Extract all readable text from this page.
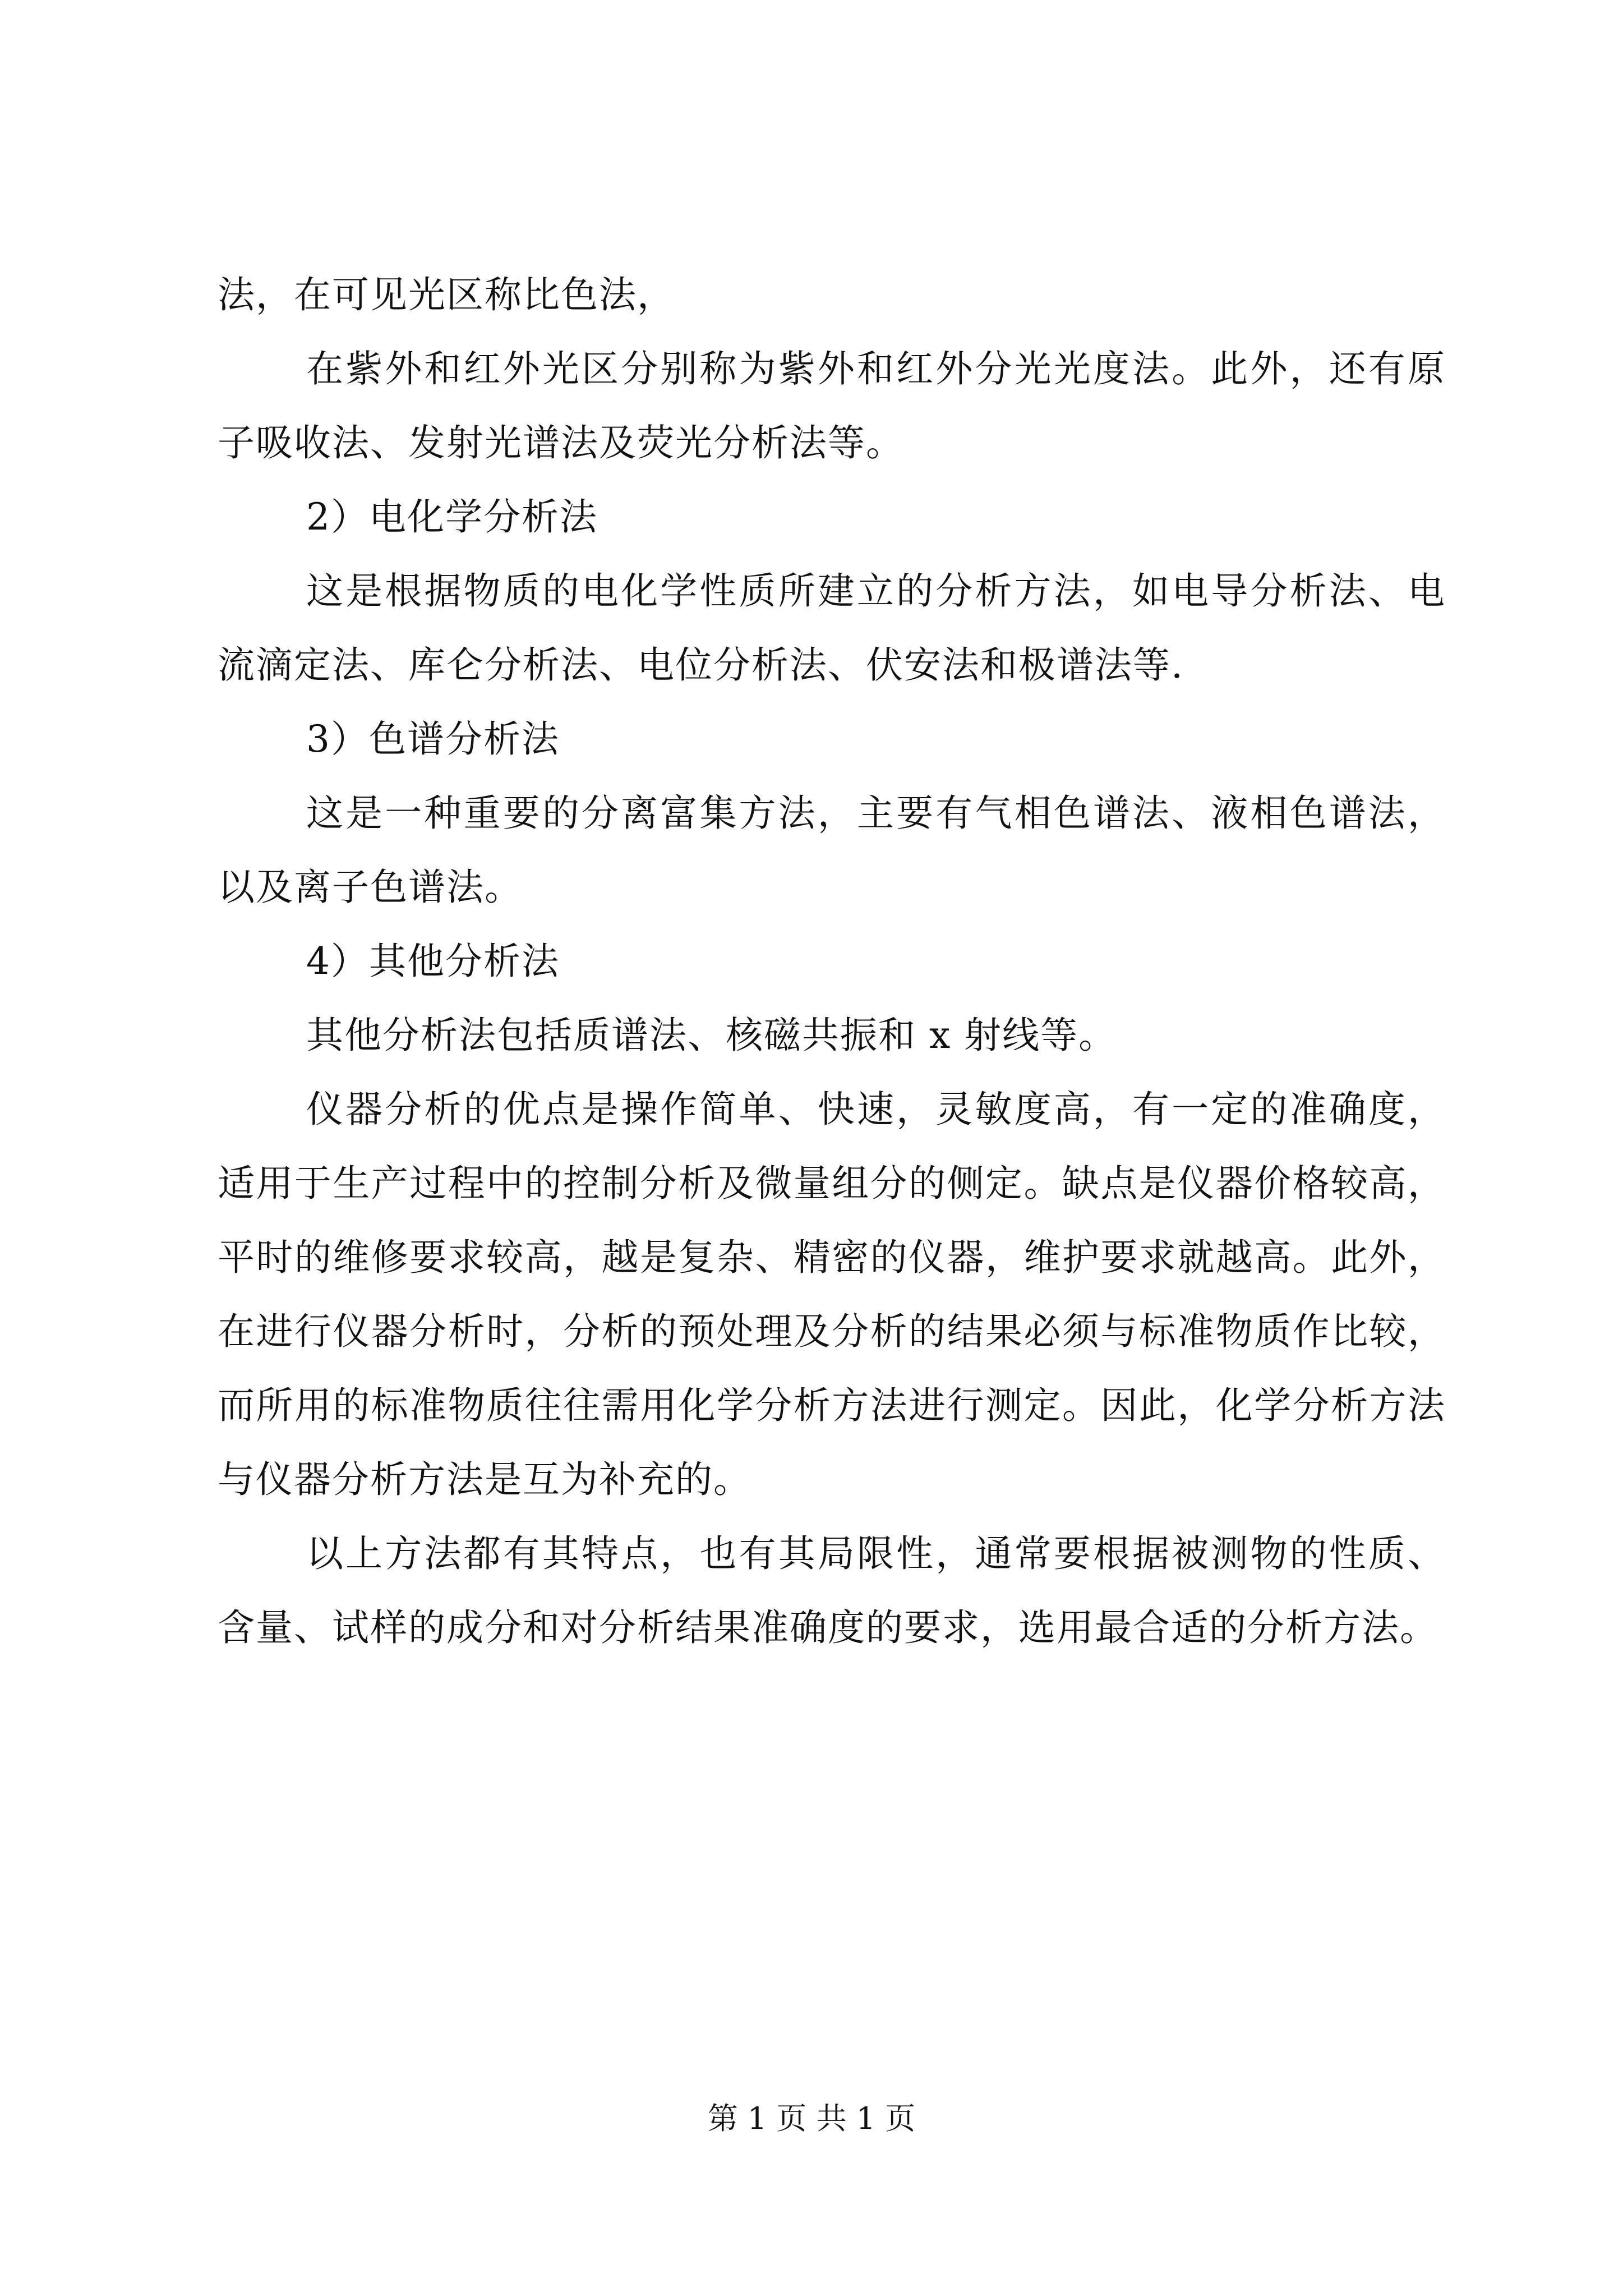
法，在可见光区称比色法，

在紫外和红外光区分别称为紫外和红外分光光度法。此外，还有原子吸收法、发射光谱法及荧光分析法等。

2）电化学分析法

这是根据物质的电化学性质所建立的分析方法，如电导分析法、电流滴定法、库仑分析法、电位分析法、伏安法和极谱法等.

3）色谱分析法

这是一种重要的分离富集方法，主要有气相色谱法、液相色谱法，以及离子色谱法。

4）其他分析法

其他分析法包括质谱法、核磁共振和 x 射线等。

仪器分析的优点是操作简单、快速，灵敏度高，有一定的准确度，适用于生产过程中的控制分析及微量组分的侧定。缺点是仪器价格较高，平时的维修要求较高，越是复杂、精密的仪器，维护要求就越高。此外，在进行仪器分析时，分析的预处理及分析的结果必须与标准物质作比较，而所用的标准物质往往需用化学分析方法进行测定。因此，化学分析方法与仪器分析方法是互为补充的。

以上方法都有其特点，也有其局限性，通常要根据被测物的性质、含量、试样的成分和对分析结果准确度的要求，选用最合适的分析方法。

第 1 页 共 1 页
